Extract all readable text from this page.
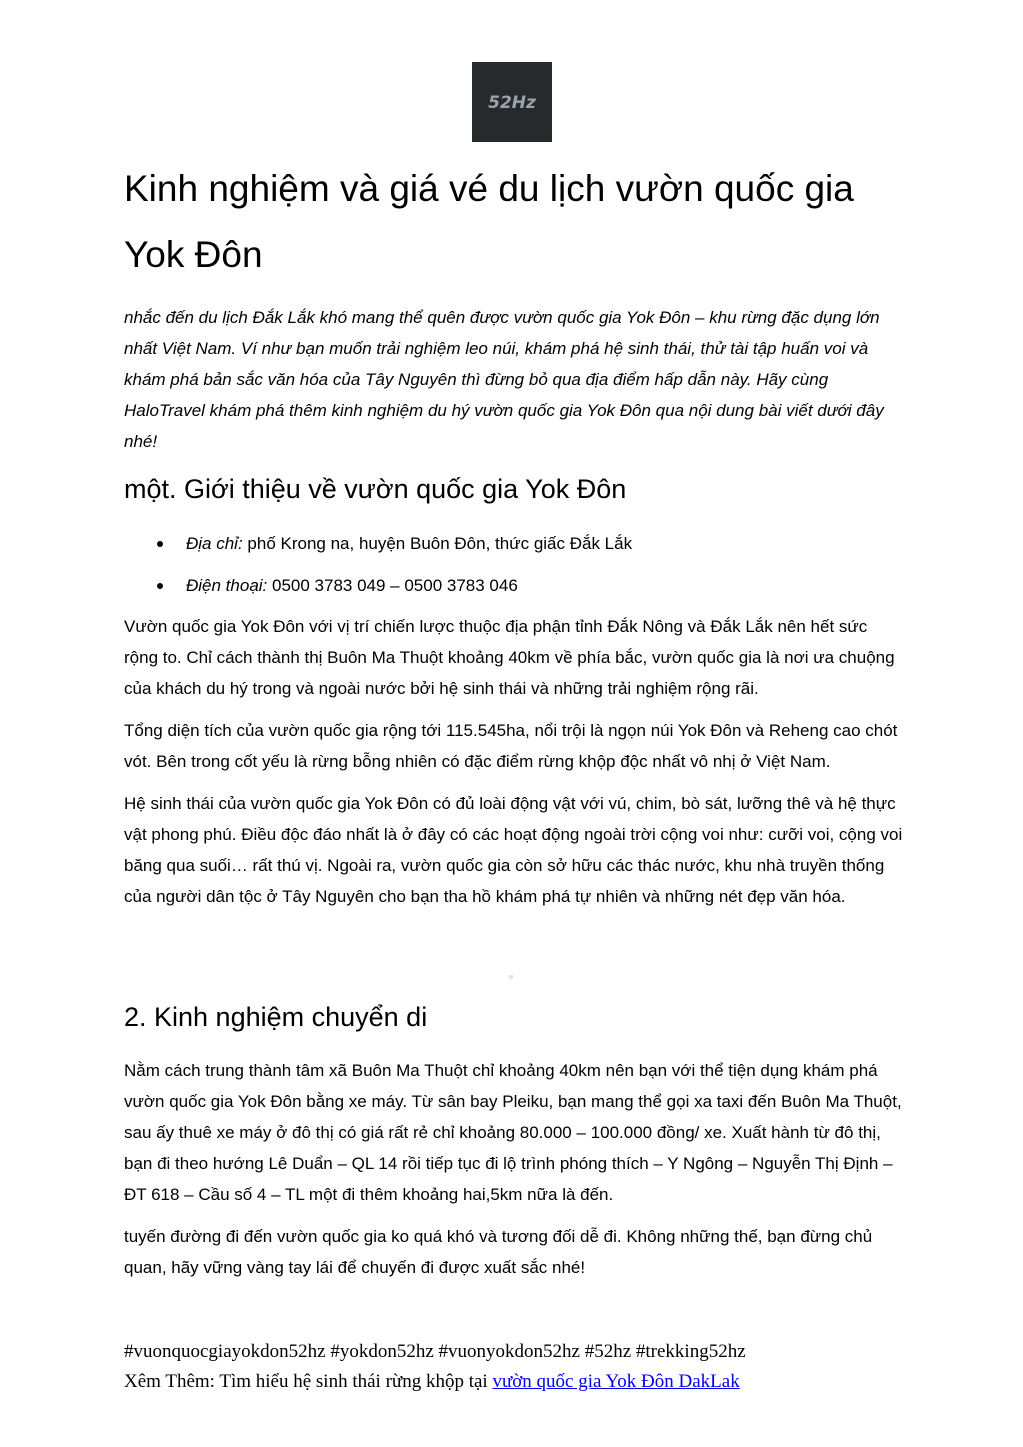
52Hz
Kinh nghiệm và giá vé du lịch vườn quốc gia
Yok Đôn

nhắc đến du lịch Đắk Lắk khó mang thể quên được vườn quốc gia Yok Đôn – khu rừng đặc dụng lớn nhất Việt Nam. Ví như bạn muốn trải nghiệm leo núi, khám phá hệ sinh thái, thử tài tập huấn voi và khám phá bản sắc văn hóa của Tây Nguyên thì đừng bỏ qua địa điểm hấp dẫn này. Hãy cùng HaloTravel khám phá thêm kinh nghiệm du hý vườn quốc gia Yok Đôn qua nội dung bài viết dưới đây nhé!

một. Giới thiệu về vườn quốc gia Yok Đôn
Địa chỉ: phố Krong na, huyện Buôn Đôn, thức giấc Đắk Lắk
Điện thoại: 0500 3783 049 – 0500 3783 046

Vườn quốc gia Yok Đôn với vị trí chiến lược thuộc địa phận tỉnh Đắk Nông và Đắk Lắk nên hết sức rộng to. Chỉ cách thành thị Buôn Ma Thuột khoảng 40km về phía bắc, vườn quốc gia là nơi ưa chuộng của khách du hý trong và ngoài nước bởi hệ sinh thái và những trải nghiệm rộng rãi.

Tổng diện tích của vườn quốc gia rộng tới 115.545ha, nổi trội là ngọn núi Yok Đôn và Reheng cao chót vót. Bên trong cốt yếu là rừng bỗng nhiên có đặc điểm rừng khộp độc nhất vô nhị ở Việt Nam.

Hệ sinh thái của vườn quốc gia Yok Đôn có đủ loài động vật với vú, chim, bò sát, lưỡng thê và hệ thực vật phong phú. Điều độc đáo nhất là ở đây có các hoạt động ngoài trời cộng voi như: cưỡi voi, cộng voi băng qua suối… rất thú vị. Ngoài ra, vườn quốc gia còn sở hữu các thác nước, khu nhà truyền thống của người dân tộc ở Tây Nguyên cho bạn tha hồ khám phá tự nhiên và những nét đẹp văn hóa.

2. Kinh nghiệm chuyển di

Nằm cách trung thành tâm xã Buôn Ma Thuột chỉ khoảng 40km nên bạn với thể tiện dụng khám phá vườn quốc gia Yok Đôn bằng xe máy. Từ sân bay Pleiku, bạn mang thể gọi xa taxi đến Buôn Ma Thuột, sau ấy thuê xe máy ở đô thị có giá rất rẻ chỉ khoảng 80.000 – 100.000 đồng/ xe. Xuất hành từ đô thị, bạn đi theo hướng Lê Duẩn – QL 14 rồi tiếp tục đi lộ trình phóng thích – Y Ngông – Nguyễn Thị Định – ĐT 618 – Cầu số 4 – TL một đi thêm khoảng hai,5km nữa là đến.

tuyến đường đi đến vườn quốc gia ko quá khó và tương đối dễ đi. Không những thế, bạn đừng chủ quan, hãy vững vàng tay lái để chuyến đi được xuất sắc nhé!

#vuonquocgiayokdon52hz #yokdon52hz #vuonyokdon52hz #52hz #trekking52hz
Xêm Thêm: Tìm hiểu hệ sinh thái rừng khộp tại vườn quốc gia Yok Đôn DakLak
